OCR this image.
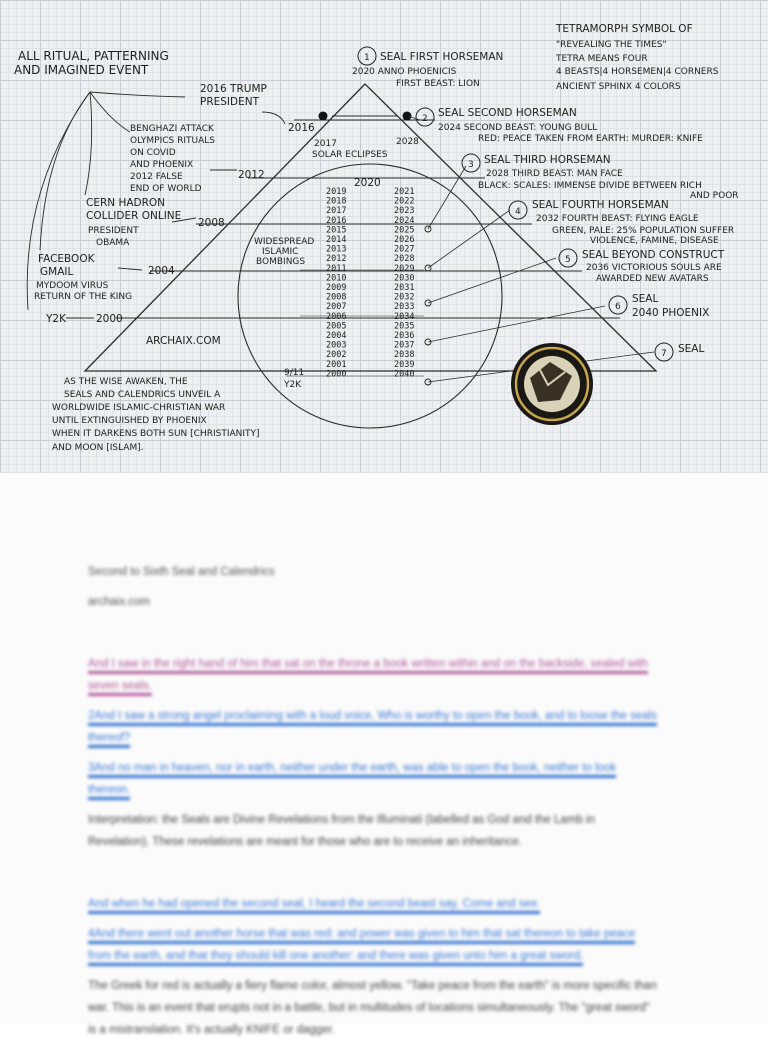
ALL RITUAL, PATTERNING
AND IMAGINED EVENT
2016 TRUMP
PRESIDENT
2016
BENGHAZI ATTACK
OLYMPICS RITUALS
ON COVID
AND PHOENIX
2012 FALSE
END OF WORLD
2012
CERN HADRON
COLLIDER ONLINE
PRESIDENT
OBAMA
2008
FACEBOOK
GMAIL
MYDOOM VIRUS
RETURN OF THE KING
2004
Y2K	2000
ARCHAIX.COM
AS THE WISE AWAKEN, THE
SEALS AND CALENDRICS UNVEIL A
WORLDWIDE ISLAMIC-CHRISTIAN WAR
UNTIL EXTINGUISHED BY PHOENIX
WHEN IT DARKENS BOTH SUN [CHRISTIANITY]
AND MOON [ISLAM].
TETRAMORPH SYMBOL OF
"REVEALING THE TIMES"
TETRA MEANS FOUR
4 BEASTS|4 HORSEMEN|4 CORNERS
ANCIENT SPHINX 4 COLORS
1 SEAL FIRST HORSEMAN
2020 ANNO PHOENICIS
FIRST BEAST: LION
2 SEAL SECOND HORSEMAN
2024 SECOND BEAST: YOUNG BULL
RED: PEACE TAKEN FROM EARTH: MURDER: KNIFE
3 SEAL THIRD HORSEMAN
2028 THIRD BEAST: MAN FACE
BLACK: SCALES: IMMENSE DIVIDE BETWEEN RICH
AND POOR
4
SEAL FOURTH HORSEMAN
2032 FOURTH BEAST: FLYING EAGLE
GREEN, PALE: 25% POPULATION SUFFER
VIOLENCE, FAMINE, DISEASE
5 SEAL BEYOND CONSTRUCT
2036 VICTORIOUS SOULS ARE
AWARDED NEW AVATARS
6
SEAL
2040 PHOENIX
7 SEAL
2028
2017
SOLAR ECLIPSES
2020
2019
2018
2017
2016
2015
2014
2013
2012
2011
2010
2009
2008
2007
2006
2005
2004
2003
2002
2001
2000
2021
2022
2023
2024
2025
2026
2027
2028
2029
2030
2031
2032
2033
2034
2035
2036
2037
2038
2039
2040
WIDESPREAD
ISLAMIC
BOMBINGS
9/11
Y2K
Second to Sixth Seal and Calendrics
archaix.com
And I saw in the right hand of him that sat on the throne a book written within and on the backside, sealed with seven seals.
2And I saw a strong angel proclaiming with a loud voice, Who is worthy to open the book, and to loose the seals thereof?
3And no man in heaven, nor in earth, neither under the earth, was able to open the book, neither to look thereon.
Interpretation: the Seals are Divine Revelations from the Illuminati (labelled as God and the Lamb in Revelation). These revelations are meant for those who are to receive an inheritance.
And when he had opened the second seal, I heard the second beast say, Come and see.
4And there went out another horse that was red: and power was given to him that sat thereon to take peace from the earth, and that they should kill one another: and there was given unto him a great sword.
The Greek for red is actually a fiery flame color, almost yellow. "Take peace from the earth" is more specific than war. This is an event that erupts not in a battle, but in multitudes of locations simultaneously. The "great sword" is a mistranslation. It's actually KNIFE or dagger.
